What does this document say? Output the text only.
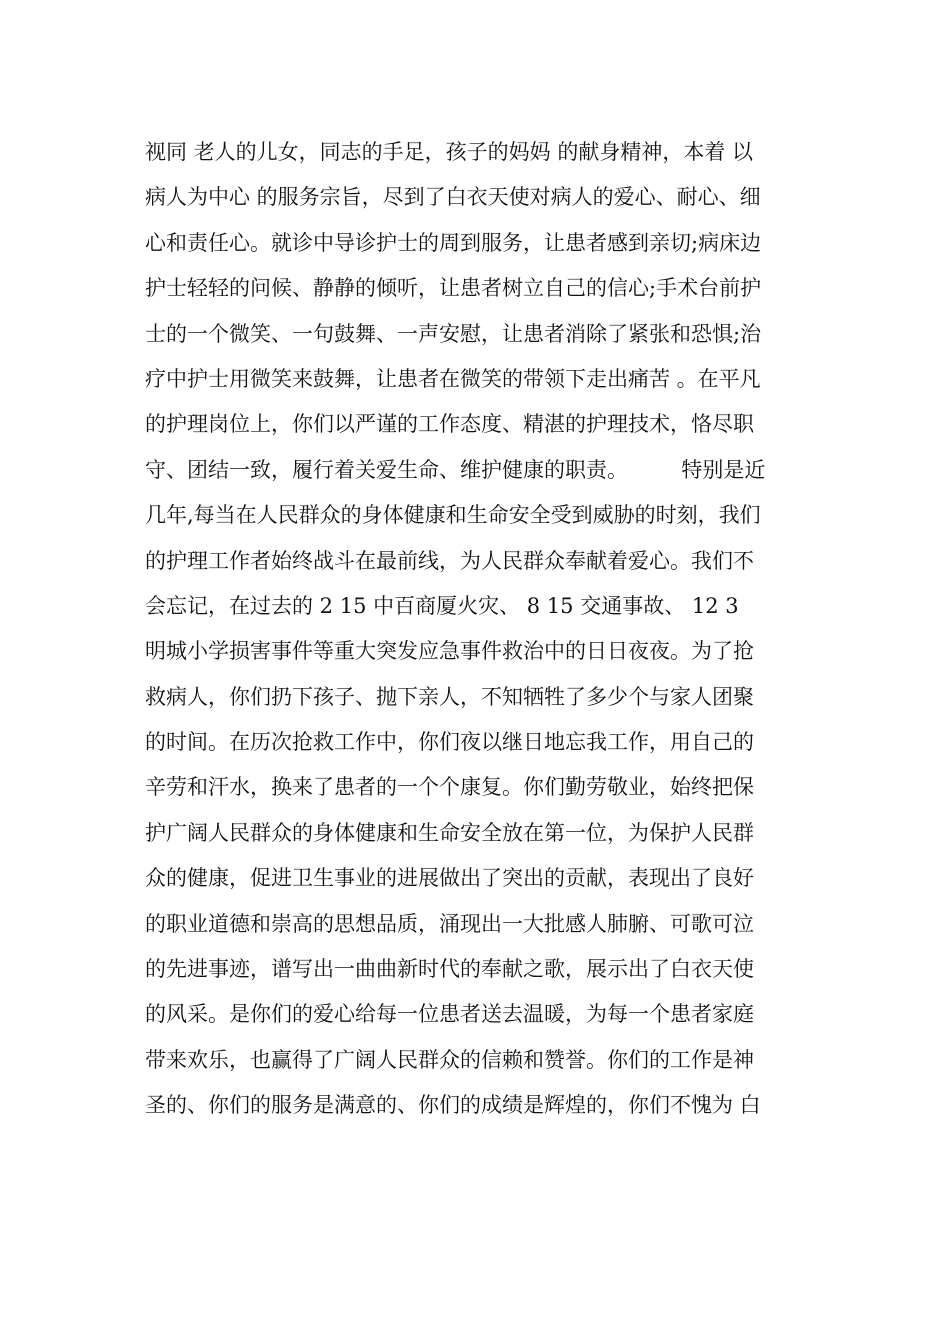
视同 老人的儿女，同志的手足，孩子的妈妈 的献身精神，本着 以
病人为中心 的服务宗旨，尽到了白衣天使对病人的爱心、耐心、细
心和责任心。就诊中导诊护士的周到服务，让患者感到亲切;病床边
护士轻轻的问候、静静的倾听，让患者树立自己的信心;手术台前护
士的一个微笑、一句鼓舞、一声安慰，让患者消除了紧张和恐惧;治
疗中护士用微笑来鼓舞，让患者在微笑的带领下走出痛苦 。在平凡
的护理岗位上，你们以严谨的工作态度、精湛的护理技术，恪尽职
守、团结一致，履行着关爱生命、维护健康的职责。        特别是近
几年,每当在人民群众的身体健康和生命安全受到威胁的时刻，我们
的护理工作者始终战斗在最前线，为人民群众奉献着爱心。我们不
会忘记，在过去的 2 15 中百商厦火灾、 8 15 交通事故、 12 3
明城小学损害事件等重大突发应急事件救治中的日日夜夜。为了抢
救病人，你们扔下孩子、抛下亲人，不知牺牲了多少个与家人团聚
的时间。在历次抢救工作中，你们夜以继日地忘我工作，用自己的
辛劳和汗水，换来了患者的一个个康复。你们勤劳敬业，始终把保
护广阔人民群众的身体健康和生命安全放在第一位，为保护人民群
众的健康，促进卫生事业的进展做出了突出的贡献，表现出了良好
的职业道德和崇高的思想品质，涌现出一大批感人肺腑、可歌可泣
的先进事迹，谱写出一曲曲新时代的奉献之歌，展示出了白衣天使
的风采。是你们的爱心给每一位患者送去温暖，为每一个患者家庭
带来欢乐，也赢得了广阔人民群众的信赖和赞誉。你们的工作是神
圣的、你们的服务是满意的、你们的成绩是辉煌的，你们不愧为 白
